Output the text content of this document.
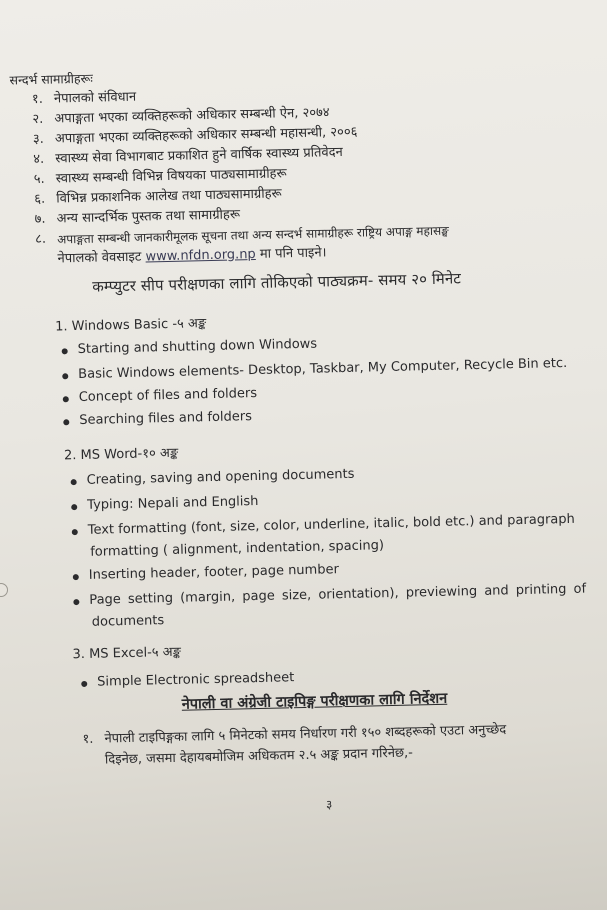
सन्दर्भ सामाग्रीहरूः
१. नेपालको संविधान
२. अपाङ्गता भएका व्यक्तिहरूको अधिकार सम्बन्धी ऐन, २०७४
३. अपाङ्गता भएका व्यक्तिहरूको अधिकार सम्बन्धी महासन्धी, २००६
४. स्वास्थ्य सेवा विभागबाट प्रकाशित हुने वार्षिक स्वास्थ्य प्रतिवेदन
५. स्वास्थ्य सम्बन्धी विभिन्न विषयका पाठ्यसामाग्रीहरू
६. विभिन्न प्रकाशनिक आलेख तथा पाठ्यसामाग्रीहरू
७. अन्य सान्दर्भिक पुस्तक तथा सामाग्रीहरू
८. अपाङ्गता सम्बन्धी जानकारीमूलक सूचना तथा अन्य सन्दर्भ सामाग्रीहरू राष्ट्रिय अपाङ्ग महासङ्घ
नेपालको वेवसाइट www.nfdn.org.np मा पनि पाइने।
कम्प्युटर सीप परीक्षणका लागि तोकिएको पाठ्यक्रम- समय २० मिनेट
1. Windows Basic -५ अङ्क
Starting and shutting down Windows
Basic Windows elements- Desktop, Taskbar, My Computer, Recycle Bin etc.
Concept of files and folders
Searching files and folders
2. MS Word-१० अङ्क
Creating, saving and opening documents
Typing: Nepali and English
Text formatting (font, size, color, underline, italic, bold etc.) and paragraph
formatting ( alignment, indentation, spacing)
Inserting header, footer, page number
Page setting (margin, page size, orientation), previewing and printing of
documents
3. MS Excel-५ अङ्क
Simple Electronic spreadsheet
नेपाली वा अंग्रेजी टाइपिङ्ग परीक्षणका लागि निर्देशन
१. नेपाली टाइपिङ्गका लागि ५ मिनेटको समय निर्धारण गरी १५० शब्दहरूको एउटा अनुच्छेद
दिइनेछ, जसमा देहायबमोजिम अधिकतम २.५ अङ्क प्रदान गरिनेछ,-
३
